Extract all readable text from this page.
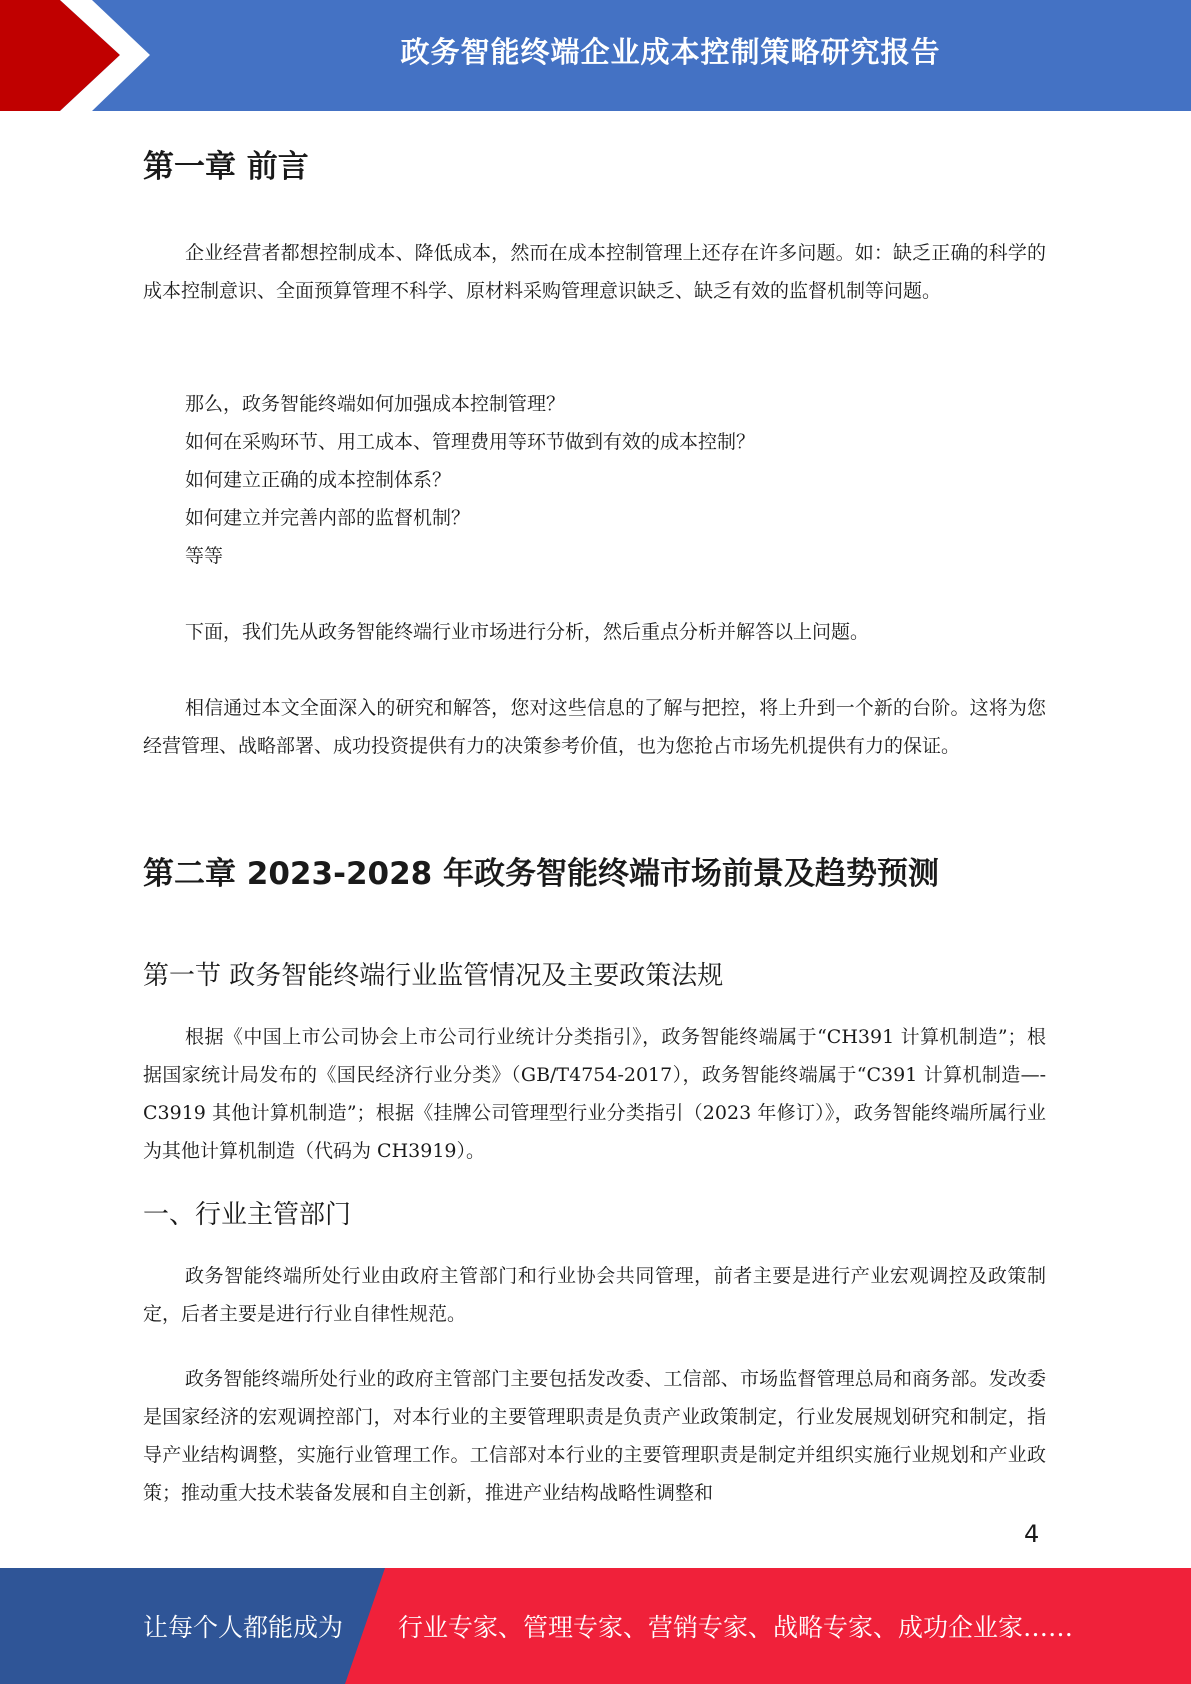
政务智能终端企业成本控制策略研究报告
第一章 前言

企业经营者都想控制成本、降低成本，然而在成本控制管理上还存在许多问题。如：缺乏正确的科学的成本控制意识、全面预算管理不科学、原材料采购管理意识缺乏、缺乏有效的监督机制等问题。

那么，政务智能终端如何加强成本控制管理？
如何在采购环节、用工成本、管理费用等环节做到有效的成本控制？
如何建立正确的成本控制体系？
如何建立并完善内部的监督机制？
等等

下面，我们先从政务智能终端行业市场进行分析，然后重点分析并解答以上问题。

相信通过本文全面深入的研究和解答，您对这些信息的了解与把控，将上升到一个新的台阶。这将为您经营管理、战略部署、成功投资提供有力的决策参考价值，也为您抢占市场先机提供有力的保证。

第二章 2023-2028 年政务智能终端市场前景及趋势预测
第一节 政务智能终端行业监管情况及主要政策法规

根据《中国上市公司协会上市公司行业统计分类指引》，政务智能终端属于“CH391 计算机制造”；根据国家统计局发布的《国民经济行业分类》（GB/T4754-2017），政务智能终端属于“C391 计算机制造—-C3919 其他计算机制造”；根据《挂牌公司管理型行业分类指引（2023 年修订）》，政务智能终端所属行业为其他计算机制造（代码为 CH3919）。

一、行业主管部门

政务智能终端所处行业由政府主管部门和行业协会共同管理，前者主要是进行产业宏观调控及政策制定，后者主要是进行行业自律性规范。

政务智能终端所处行业的政府主管部门主要包括发改委、工信部、市场监督管理总局和商务部。发改委是国家经济的宏观调控部门，对本行业的主要管理职责是负责产业政策制定，行业发展规划研究和制定，指导产业结构调整，实施行业管理工作。工信部对本行业的主要管理职责是制定并组织实施行业规划和产业政策；推动重大技术装备发展和自主创新，推进产业结构战略性调整和

4
让每个人都能成为 行业专家、管理专家、营销专家、战略专家、成功企业家……
